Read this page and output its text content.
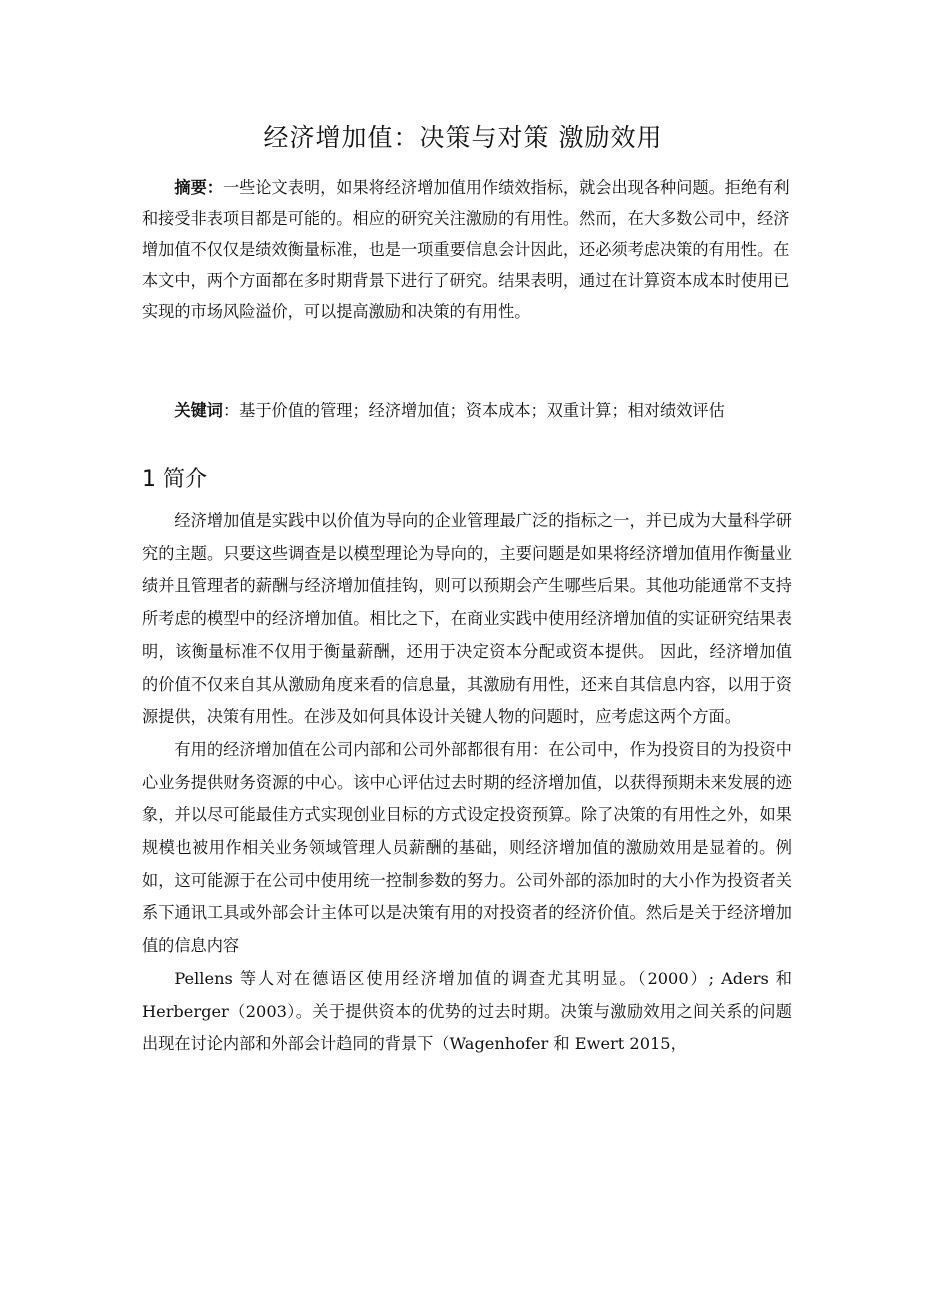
经济增加值：决策与对策 激励效用

摘要：一些论文表明，如果将经济增加值用作绩效指标，就会出现各种问题。拒绝有利和接受非表项目都是可能的。相应的研究关注激励的有用性。然而，在大多数公司中，经济增加值不仅仅是绩效衡量标准，也是一项重要信息会计因此，还必须考虑决策的有用性。在本文中，两个方面都在多时期背景下进行了研究。结果表明，通过在计算资本成本时使用已实现的市场风险溢价，可以提高激励和决策的有用性。

关键词：基于价值的管理；经济增加值；资本成本；双重计算；相对绩效评估

1 简介

经济增加值是实践中以价值为导向的企业管理最广泛的指标之一，并已成为大量科学研究的主题。只要这些调查是以模型理论为导向的，主要问题是如果将经济增加值用作衡量业绩并且管理者的薪酬与经济增加值挂钩，则可以预期会产生哪些后果。其他功能通常不支持所考虑的模型中的经济增加值。相比之下，在商业实践中使用经济增加值的实证研究结果表明，该衡量标准不仅用于衡量薪酬，还用于决定资本分配或资本提供。 因此，经济增加值的价值不仅来自其从激励角度来看的信息量，其激励有用性，还来自其信息内容，以用于资源提供，决策有用性。在涉及如何具体设计关键人物的问题时，应考虑这两个方面。

有用的经济增加值在公司内部和公司外部都很有用：在公司中，作为投资目的为投资中心业务提供财务资源的中心。该中心评估过去时期的经济增加值，以获得预期未来发展的迹象，并以尽可能最佳方式实现创业目标的方式设定投资预算。除了决策的有用性之外，如果规模也被用作相关业务领域管理人员薪酬的基础，则经济增加值的激励效用是显着的。例如，这可能源于在公司中使用统一控制参数的努力。公司外部的添加时的大小作为投资者关系下通讯工具或外部会计主体可以是决策有用的对投资者的经济价值。然后是关于经济增加值的信息内容

Pellens 等人对在德语区使用经济增加值的调查尤其明显。（2000）; Aders 和 Herberger（2003）。关于提供资本的优势的过去时期。决策与激励效用之间关系的问题出现在讨论内部和外部会计趋同的背景下（Wagenhofer 和 Ewert 2015，
